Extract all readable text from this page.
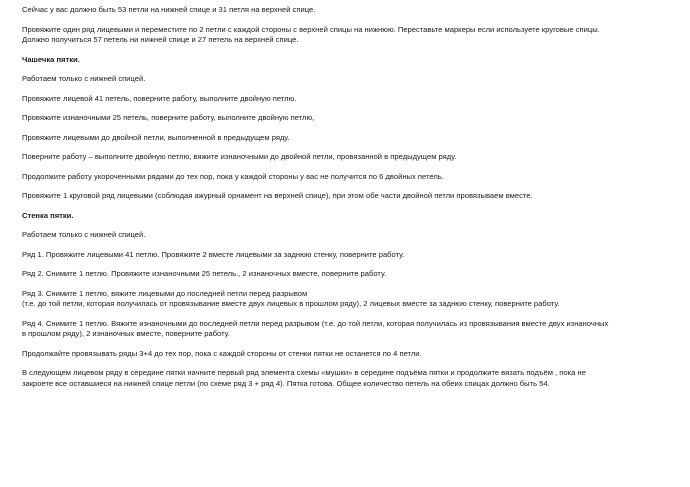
Сейчас у вас должно быть 53 петли на нижней спице и 31 петля на верхней спице.

Провяжите один ряд лицевыми и переместите по 2 петли с каждой стороны с верхней спицы на нижнюю. Переставьте маркеры если используете круговые спицы.

Должно получиться 57 петель ни нижней спице и 27 петель на верхней спице.

Чашечка пятки.

Работаем только с нижней спицей.

Провяжите лицевой 41 петель, поверните работу, выполните двойную петлю.

Провяжите изнаночными 25 петель, поверните работу, выполните двойную петлю,

Провяжите лицевыми до двойной петли, выполненной в предыдущем ряду.

Поверните работу – выполните двойную петлю, вяжите изнаночными до двойной петли, провязанной в предыдущем ряду.

Продолжите работу укороченными рядами до тех пор, пока у каждой стороны у вас не получится по 6 двойных петель.

Провяжите 1 круговой ряд лицевыми (соблюдая ажурный орнамент на верхней спице), при этом обе части двойной петли провязываем вместе.

Стенка пятки.

Работаем только с нижней спицей.

Ряд 1. Провяжите лицевыми 41 петлю. Провяжите 2 вместе лицевыми за заднюю стенку, поверните работу.

Ряд 2. Снимите 1 петлю. Провяжите изнаночными 25 петель., 2 изнаночных вместе, поверните работу.

Ряд 3. Снимите 1 петлю, вяжите лицевыми до последней петли перед разрывом

(т.е. до той петли, которая получилась от провязывание вместе двух лицевых в прошлом ряду), 2 лицевых вместе за заднюю стенку, поверните работу.

Ряд 4. Снимите 1 петлю. Вяжите изнаночными до последней петли перед разрывом (т.е. до той петли, которая получилась из провязывания вместе двух изнаночных

в прошлом ряду), 2 изнаночных вместе, поверните работу.

Продолжайте провязывать ряды 3+4 до тех пор, пока с каждой стороны от стенки пятки не останется по 4 петли.

В следующем лицевом ряду в середине пятки начните первый ряд элемента схемы «мушки» в середине подъёма пятки и продолжите вязать подъём , пока не

закроете все оставшиеся на нижней спице петли (по схеме ряд 3 + ряд 4). Пятка готова. Общее количество петель на обеих спицах должно быть 54.
